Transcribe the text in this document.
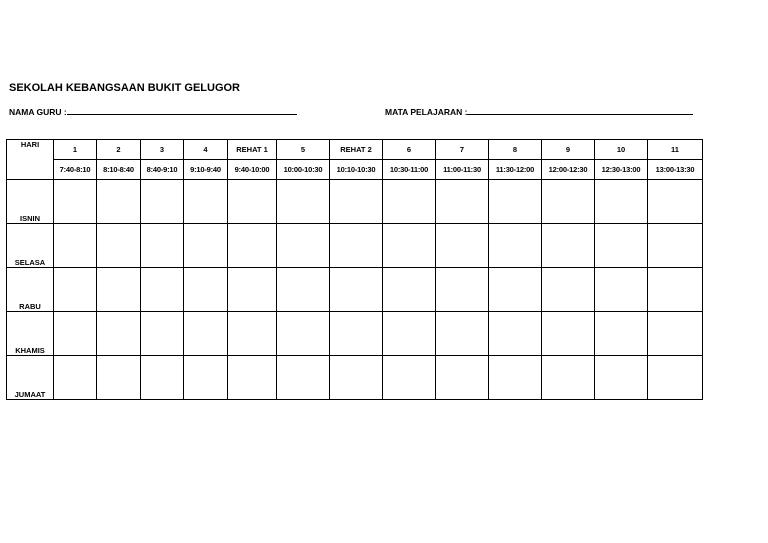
SEKOLAH KEBANGSAAN BUKIT GELUGOR
NAMA GURU :	MATA PELAJARAN :
HARI	1	2	3	4	REHAT 1	5	REHAT 2	6	7	8	9	10	11
	7:40-8:10	8:10-8:40	8:40-9:10	9:10-9:40	9:40-10:00	10:00-10:30	10:10-10:30	10:30-11:00	11:00-11:30	11:30-12:00	12:00-12:30	12:30-13:00	13:00-13:30
ISNIN													
SELASA													
RABU													
KHAMIS													
JUMAAT													
